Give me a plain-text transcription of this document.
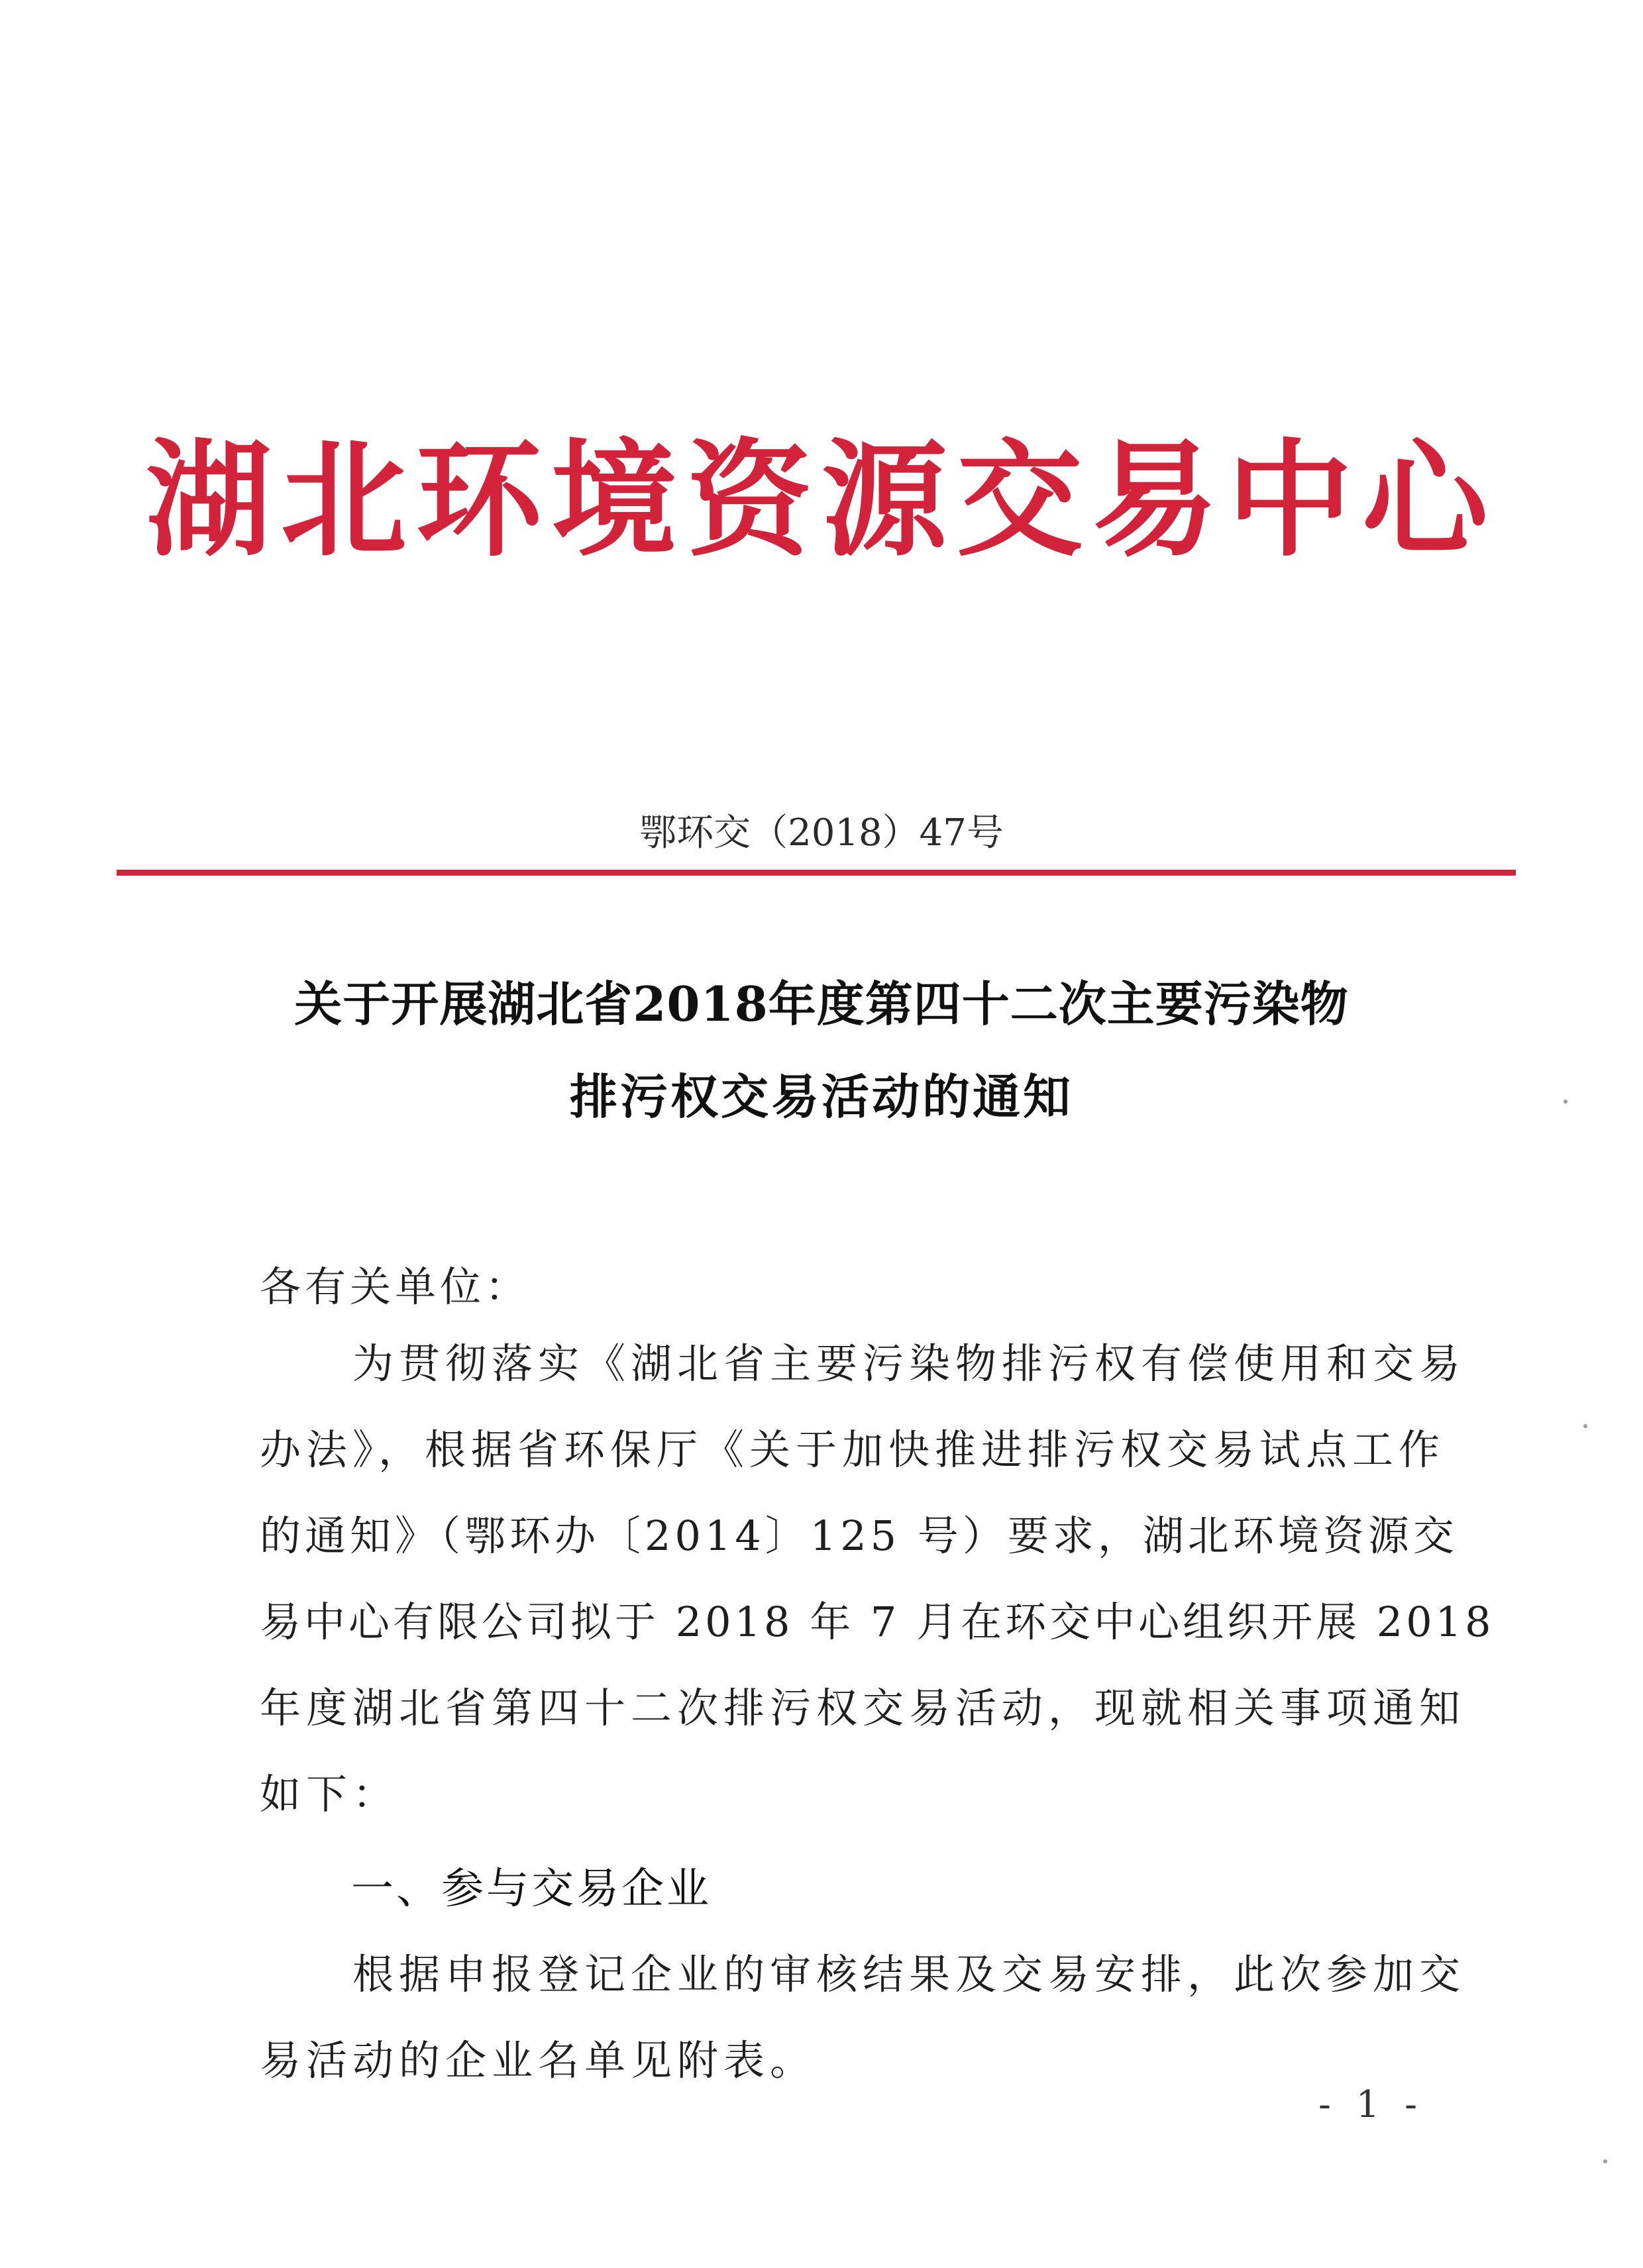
湖北环境资源交易中心
鄂环交（2018）47号
关于开展湖北省2018年度第四十二次主要污染物
排污权交易活动的通知
各有关单位：
为贯彻落实《湖北省主要污染物排污权有偿使用和交易
办法》，根据省环保厅《关于加快推进排污权交易试点工作
的通知》（鄂环办〔2014〕125 号）要求，湖北环境资源交
易中心有限公司拟于 2018 年 7 月在环交中心组织开展 2018
年度湖北省第四十二次排污权交易活动，现就相关事项通知
如下：
一、参与交易企业
根据申报登记企业的审核结果及交易安排，此次参加交
易活动的企业名单见附表。
- 1 -
